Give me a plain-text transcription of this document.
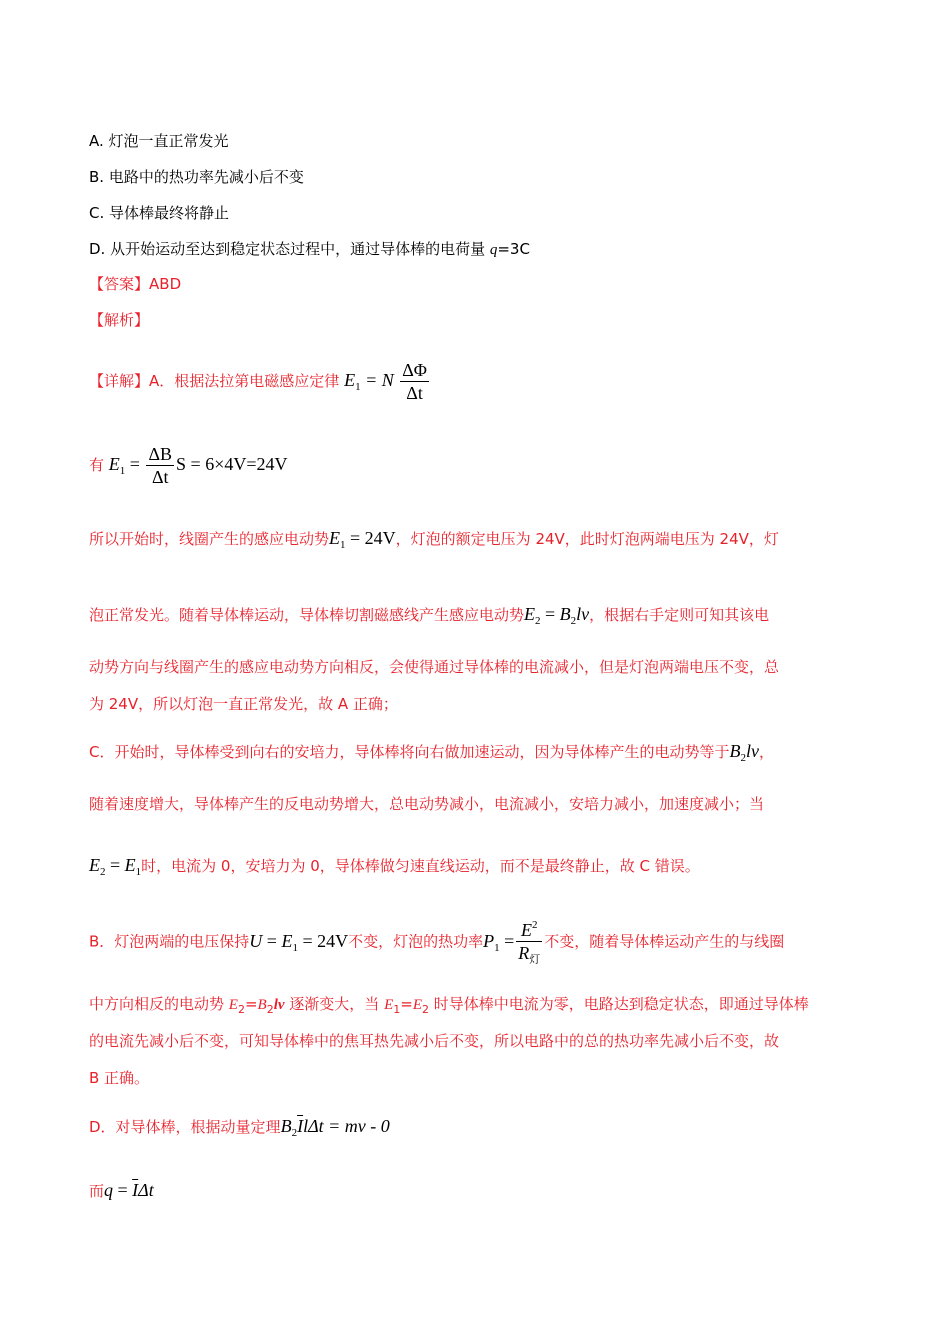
A. 灯泡一直正常发光
B. 电路中的热功率先减小后不变
C. 导体棒最终将静止
D. 从开始运动至达到稳定状态过程中，通过导体棒的电荷量 q=3C
【答案】ABD
【解析】
【详解】A．根据法拉第电磁感应定律 $E_1 = N \frac{\Delta\Phi}{\Delta t}$
有 $E_1 = \frac{\Delta B}{\Delta t}$ S = 6×4V=24V
所以开始时，线圈产生的感应电动势$E_1 = 24V$，灯泡的额定电压为 24V，此时灯泡两端电压为 24V，灯
泡正常发光。随着导体棒运动，导体棒切割磁感线产生感应电动势$E_2 = B_2lv$，根据右手定则可知其该电
动势方向与线圈产生的感应电动势方向相反，会使得通过导体棒的电流减小，但是灯泡两端电压不变，总
为 24V，所以灯泡一直正常发光，故 A 正确；
C．开始时，导体棒受到向右的安培力，导体棒将向右做加速运动，因为导体棒产生的电动势等于$B_2lv$，
随着速度增大，导体棒产生的反电动势增大，总电动势减小，电流减小，安培力减小，加速度减小；当
$E_2 = E_1$时，电流为 0，安培力为 0，导体棒做匀速直线运动，而不是最终静止，故 C 错误。
B．灯泡两端的电压保持$U = E_1 = 24V$不变，灯泡的热功率$P_1 = \frac{E^2}{R_灯}$ 不变，随着导体棒运动产生的与线圈
中方向相反的电动势 $E_2=B_2lv$ 逐渐变大，当 $E_1=E_2$ 时导体棒中电流为零，电路达到稳定状态，即通过导体棒
的电流先减小后不变，可知导体棒中的焦耳热先减小后不变，所以电路中的总的热功率先减小后不变，故
B 正确。
D．对导体棒，根据动量定理$B_2\overline{I}l\Delta t$ = mv - 0
而$q = \overline{I}\Delta t$
